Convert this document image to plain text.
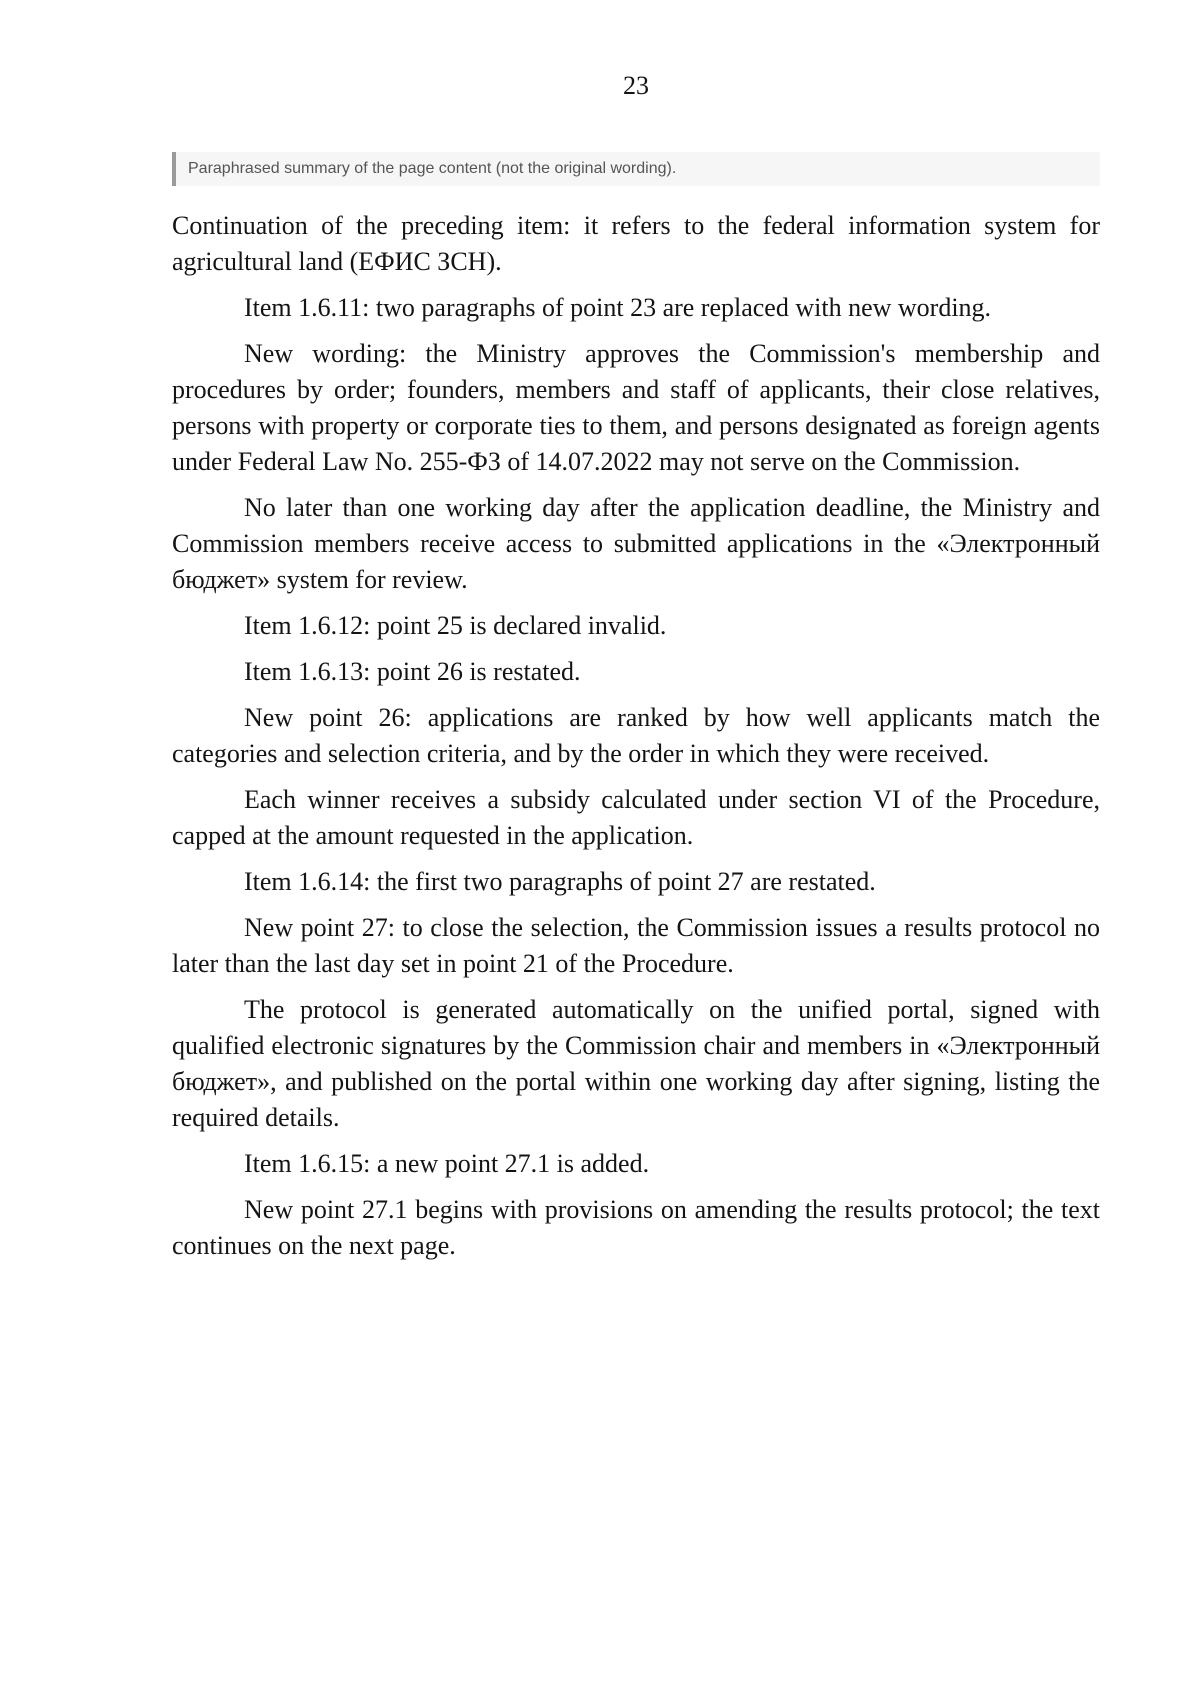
23
Paraphrased summary of the page content (not the original wording).

Continuation of the preceding item: it refers to the federal information system for agricultural land (ЕФИС ЗСН).

Item 1.6.11: two paragraphs of point 23 are replaced with new wording.

New wording: the Ministry approves the Commission's membership and procedures by order; founders, members and staff of applicants, their close relatives, persons with property or corporate ties to them, and persons designated as foreign agents under Federal Law No. 255-ФЗ of 14.07.2022 may not serve on the Commission.

No later than one working day after the application deadline, the Ministry and Commission members receive access to submitted applications in the «Электронный бюджет» system for review.

Item 1.6.12: point 25 is declared invalid.

Item 1.6.13: point 26 is restated.

New point 26: applications are ranked by how well applicants match the categories and selection criteria, and by the order in which they were received.

Each winner receives a subsidy calculated under section VI of the Procedure, capped at the amount requested in the application.

Item 1.6.14: the first two paragraphs of point 27 are restated.

New point 27: to close the selection, the Commission issues a results protocol no later than the last day set in point 21 of the Procedure.

The protocol is generated automatically on the unified portal, signed with qualified electronic signatures by the Commission chair and members in «Электронный бюджет», and published on the portal within one working day after signing, listing the required details.

Item 1.6.15: a new point 27.1 is added.

New point 27.1 begins with provisions on amending the results protocol; the text continues on the next page.
